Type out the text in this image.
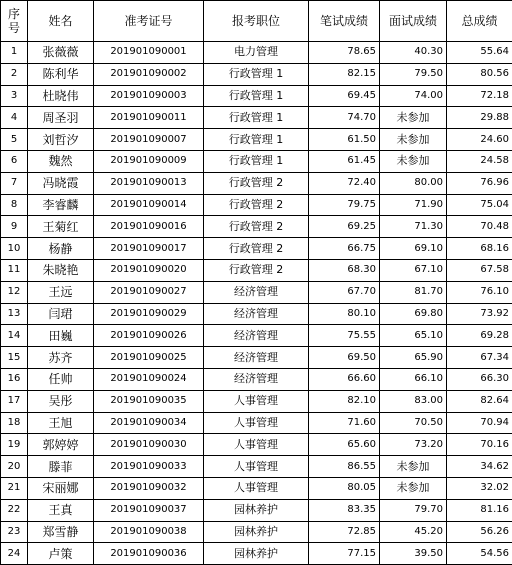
序
号	姓名	准考证号	报考职位	笔试成绩	面试成绩	总成绩
1	张薇薇	201901090001	电力管理	78.65	40.30	55.64
2	陈利华	201901090002	行政管理 1	82.15	79.50	80.56
3	杜晓伟	201901090003	行政管理 1	69.45	74.00	72.18
4	周圣羽	201901090011	行政管理 1	74.70	未参加	29.88
5	刘哲汐	201901090007	行政管理 1	61.50	未参加	24.60
6	魏然	201901090009	行政管理 1	61.45	未参加	24.58
7	冯晓霞	201901090013	行政管理 2	72.40	80.00	76.96
8	李睿麟	201901090014	行政管理 2	79.75	71.90	75.04
9	王菊红	201901090016	行政管理 2	69.25	71.30	70.48
10	杨静	201901090017	行政管理 2	66.75	69.10	68.16
11	朱晓艳	201901090020	行政管理 2	68.30	67.10	67.58
12	王远	201901090027	经济管理	67.70	81.70	76.10
13	闫珺	201901090029	经济管理	80.10	69.80	73.92
14	田巍	201901090026	经济管理	75.55	65.10	69.28
15	苏齐	201901090025	经济管理	69.50	65.90	67.34
16	任帅	201901090024	经济管理	66.60	66.10	66.30
17	吴彤	201901090035	人事管理	82.10	83.00	82.64
18	王旭	201901090034	人事管理	71.60	70.50	70.94
19	郭婷婷	201901090030	人事管理	65.60	73.20	70.16
20	滕菲	201901090033	人事管理	86.55	未参加	34.62
21	宋丽娜	201901090032	人事管理	80.05	未参加	32.02
22	王真	201901090037	园林养护	83.35	79.70	81.16
23	郑雪静	201901090038	园林养护	72.85	45.20	56.26
24	卢策	201901090036	园林养护	77.15	39.50	54.56
